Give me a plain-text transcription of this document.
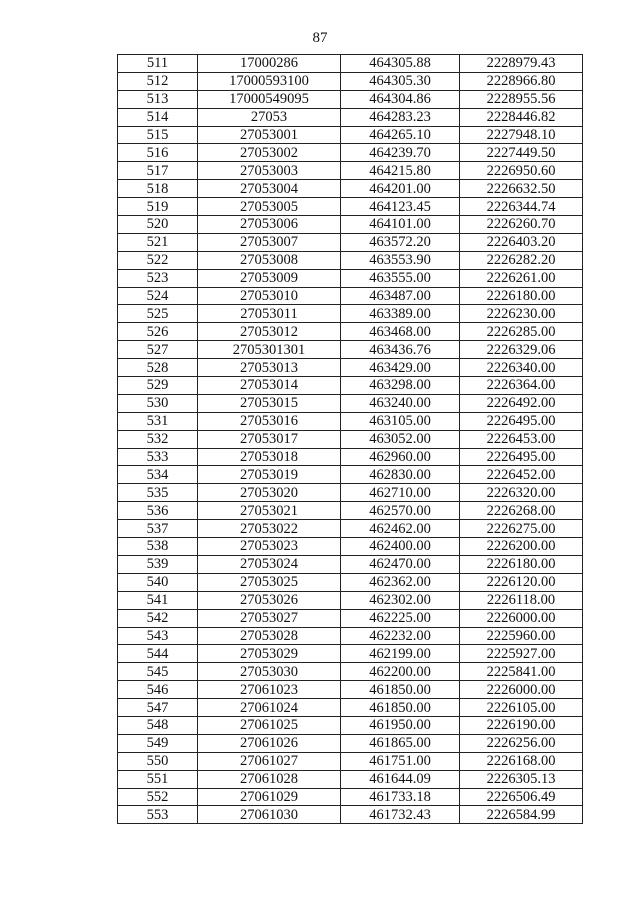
87
511	17000286	464305.88	2228979.43
512	17000593100	464305.30	2228966.80
513	17000549095	464304.86	2228955.56
514	27053	464283.23	2228446.82
515	27053001	464265.10	2227948.10
516	27053002	464239.70	2227449.50
517	27053003	464215.80	2226950.60
518	27053004	464201.00	2226632.50
519	27053005	464123.45	2226344.74
520	27053006	464101.00	2226260.70
521	27053007	463572.20	2226403.20
522	27053008	463553.90	2226282.20
523	27053009	463555.00	2226261.00
524	27053010	463487.00	2226180.00
525	27053011	463389.00	2226230.00
526	27053012	463468.00	2226285.00
527	2705301301	463436.76	2226329.06
528	27053013	463429.00	2226340.00
529	27053014	463298.00	2226364.00
530	27053015	463240.00	2226492.00
531	27053016	463105.00	2226495.00
532	27053017	463052.00	2226453.00
533	27053018	462960.00	2226495.00
534	27053019	462830.00	2226452.00
535	27053020	462710.00	2226320.00
536	27053021	462570.00	2226268.00
537	27053022	462462.00	2226275.00
538	27053023	462400.00	2226200.00
539	27053024	462470.00	2226180.00
540	27053025	462362.00	2226120.00
541	27053026	462302.00	2226118.00
542	27053027	462225.00	2226000.00
543	27053028	462232.00	2225960.00
544	27053029	462199.00	2225927.00
545	27053030	462200.00	2225841.00
546	27061023	461850.00	2226000.00
547	27061024	461850.00	2226105.00
548	27061025	461950.00	2226190.00
549	27061026	461865.00	2226256.00
550	27061027	461751.00	2226168.00
551	27061028	461644.09	2226305.13
552	27061029	461733.18	2226506.49
553	27061030	461732.43	2226584.99
